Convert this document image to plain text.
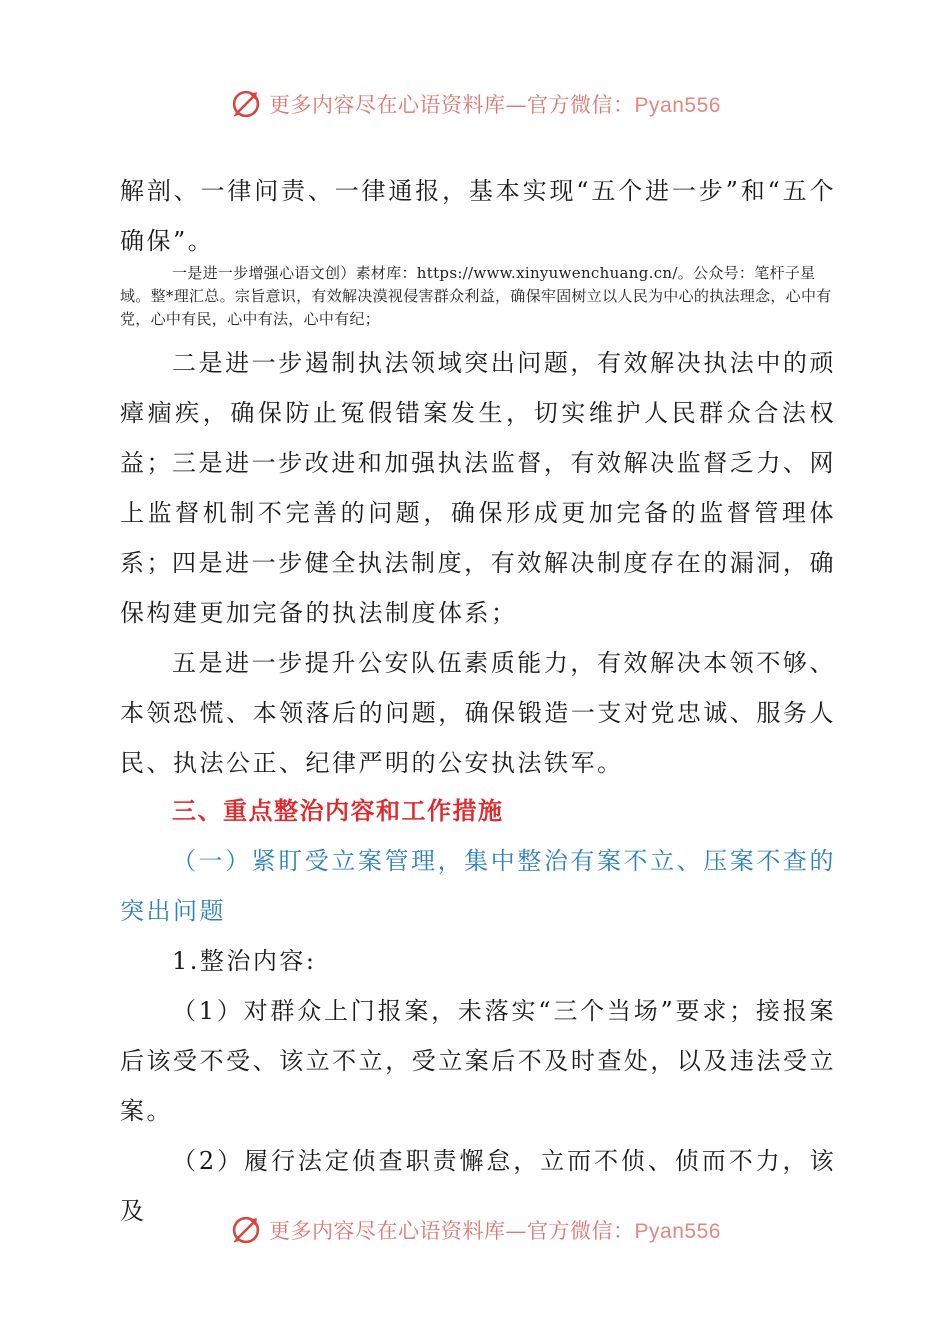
更多内容尽在心语资料库—官方微信：Pyan556

解剖、一律问责、一律通报，基本实现“五个进一步”和“五个确保”。

一是进一步增强心语文创）素材库：https://www.xinyuwenchuang.cn/。公众号：笔杆子星域。整*理汇总。宗旨意识，有效解决漠视侵害群众利益，确保牢固树立以人民为中心的执法理念，心中有党，心中有民，心中有法，心中有纪；

二是进一步遏制执法领域突出问题，有效解决执法中的顽瘴痼疾，确保防止冤假错案发生，切实维护人民群众合法权益； 三是进一步改进和加强执法监督，有效解决监督乏力、网上监督机制不完善的问题，确保形成更加完备的监督管理体系； 四是进一步健全执法制度，有效解决制度存在的漏洞，确保构建更加完备的执法制度体系；

五是进一步提升公安队伍素质能力，有效解决本领不够、本领恐慌、本领落后的问题，确保锻造一支对党忠诚、服务人民、执法公正、纪律严明的公安执法铁军。

三、重点整治内容和工作措施

（一）紧盯受立案管理，集中整治有案不立、压案不查的突出问题

1.整治内容:

（1）对群众上门报案，未落实“三个当场”要求；接报案后该受不受、该立不立，受立案后不及时查处，以及违法受立案。

（2）履行法定侦查职责懈怠，立而不侦、侦而不力，该及

更多内容尽在心语资料库—官方微信：Pyan556
